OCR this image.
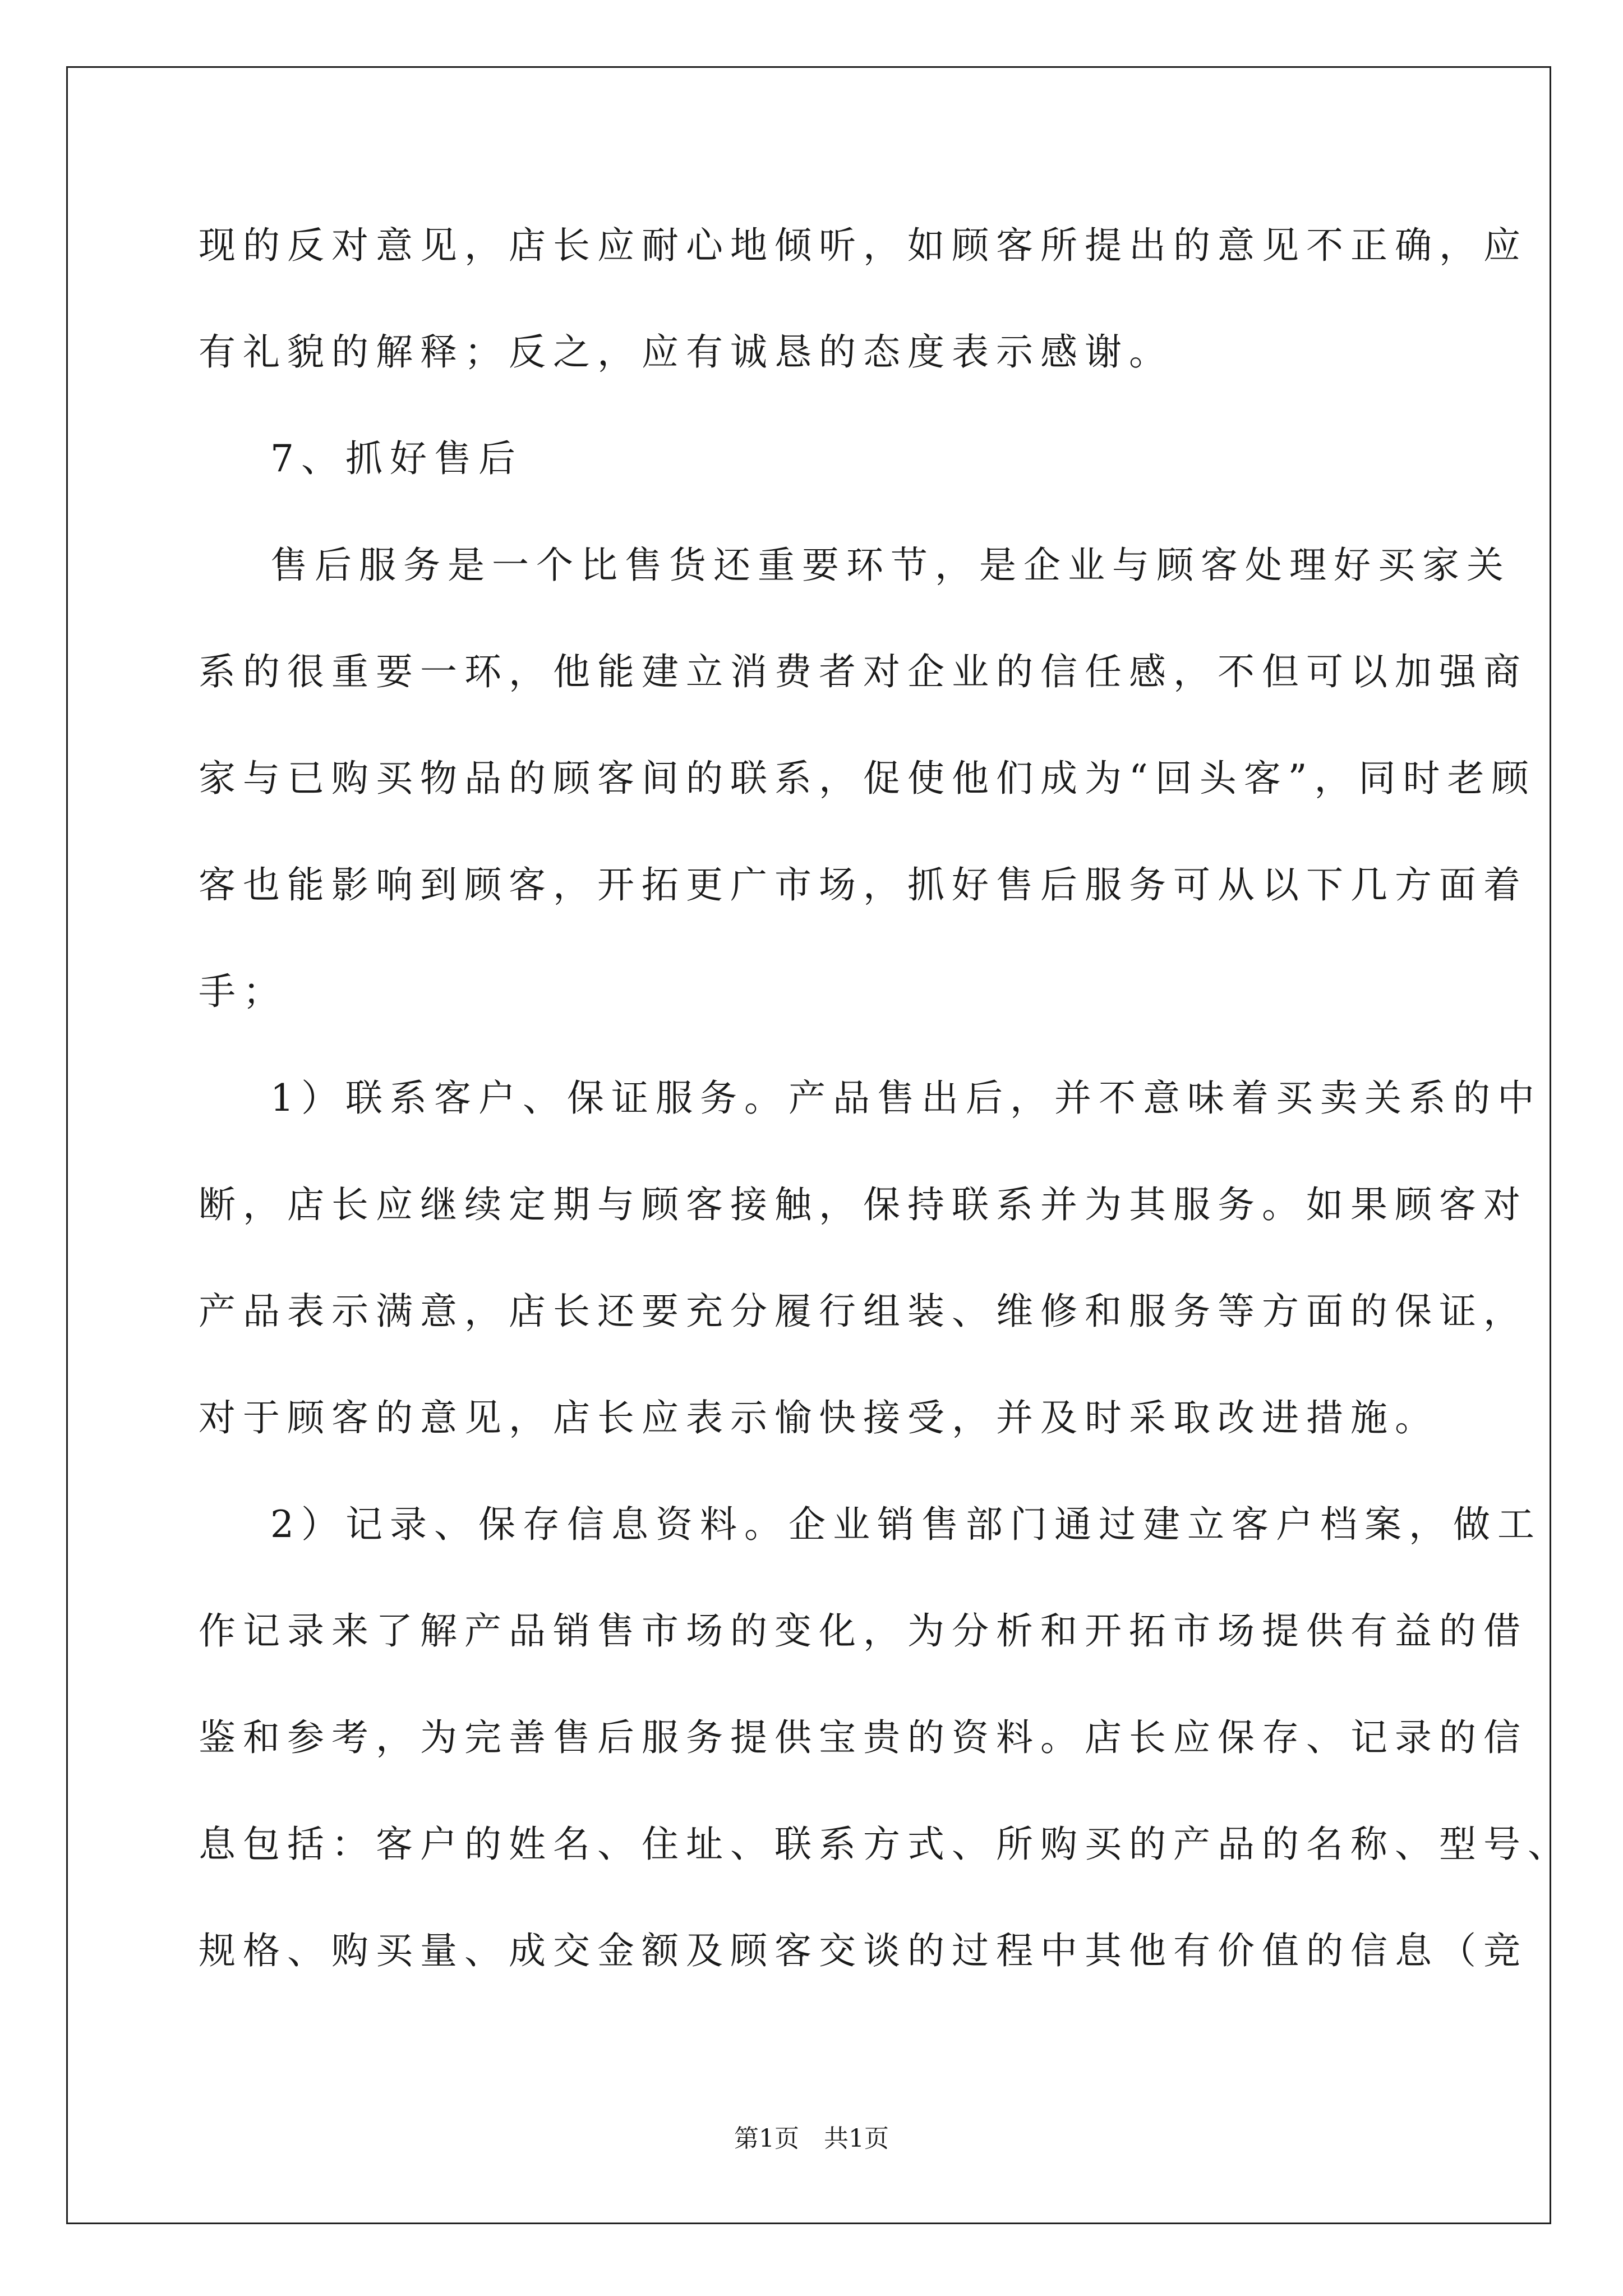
现的反对意见，店长应耐心地倾听，如顾客所提出的意见不正确，应
有礼貌的解释；反之，应有诚恳的态度表示感谢。
7、抓好售后
售后服务是一个比售货还重要环节，是企业与顾客处理好买家关
系的很重要一环，他能建立消费者对企业的信任感，不但可以加强商
家与已购买物品的顾客间的联系，促使他们成为“回头客”，同时老顾
客也能影响到顾客，开拓更广市场，抓好售后服务可从以下几方面着
手；
1）联系客户、保证服务。产品售出后，并不意味着买卖关系的中
断，店长应继续定期与顾客接触，保持联系并为其服务。如果顾客对
产品表示满意，店长还要充分履行组装、维修和服务等方面的保证，
对于顾客的意见，店长应表示愉快接受，并及时采取改进措施。
2）记录、保存信息资料。企业销售部门通过建立客户档案，做工
作记录来了解产品销售市场的变化，为分析和开拓市场提供有益的借
鉴和参考，为完善售后服务提供宝贵的资料。店长应保存、记录的信
息包括：客户的姓名、住址、联系方式、所购买的产品的名称、型号、
规格、购买量、成交金额及顾客交谈的过程中其他有价值的信息（竞
第1页　共1页
